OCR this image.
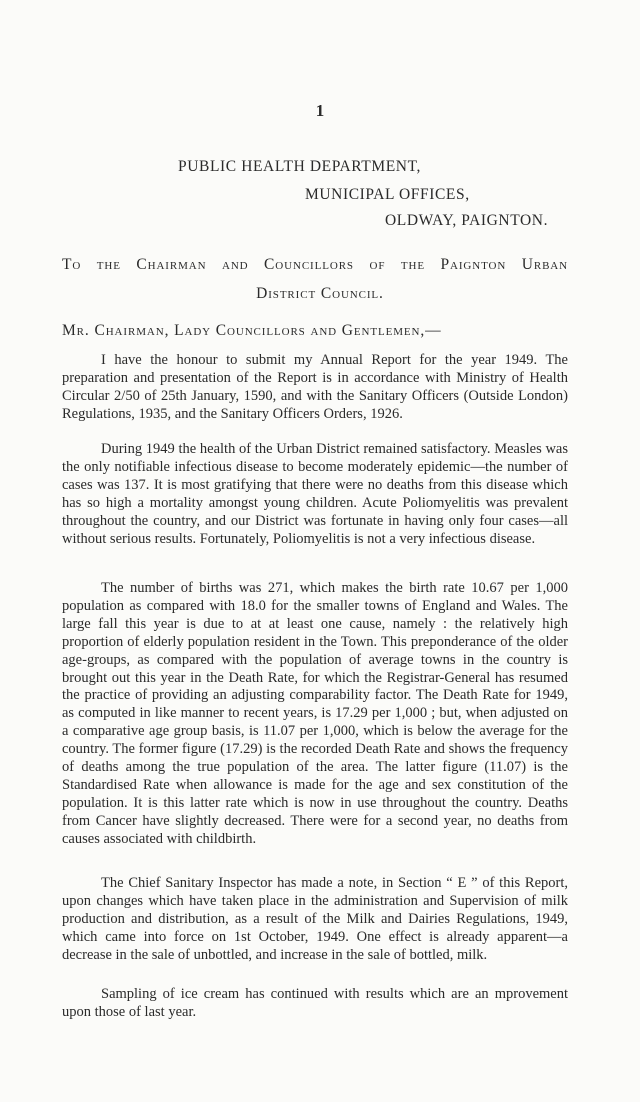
1
PUBLIC HEALTH DEPARTMENT,
MUNICIPAL OFFICES,
OLDWAY, PAIGNTON.
To the Chairman and Councillors of the Paignton Urban
District Council.
Mr. Chairman, Lady Councillors and Gentlemen,—

I have the honour to submit my Annual Report for the year 1949. The preparation and presentation of the Report is in accordance with Ministry of Health Circular 2/50 of 25th January, 1590, and with the Sanitary Officers (Outside London) Regulations, 1935, and the Sanitary Officers Orders, 1926.

During 1949 the health of the Urban District remained satisfactory. Measles was the only notifiable infectious disease to become moderately epidemic—the number of cases was 137. It is most gratifying that there were no deaths from this disease which has so high a mortality amongst young children. Acute Poliomyelitis was prevalent throughout the country, and our District was fortunate in having only four cases—all without serious results. Fortunately, Poliomyelitis is not a very infectious disease.

The number of births was 271, which makes the birth rate 10.67 per 1,000 population as compared with 18.0 for the smaller towns of England and Wales. The large fall this year is due to at at least one cause, namely : the relatively high proportion of elderly population resident in the Town. This preponderance of the older age-groups, as compared with the population of average towns in the country is brought out this year in the Death Rate, for which the Registrar-General has resumed the practice of providing an adjusting comparability factor. The Death Rate for 1949, as computed in like manner to recent years, is 17.29 per 1,000 ; but, when adjusted on a comparative age group basis, is 11.07 per 1,000, which is below the average for the country. The former figure (17.29) is the recorded Death Rate and shows the frequency of deaths among the true population of the area. The latter figure (11.07) is the Standardised Rate when allowance is made for the age and sex constitution of the population. It is this latter rate which is now in use throughout the country. Deaths from Cancer have slightly decreased. There were for a second year, no deaths from causes associated with childbirth.

The Chief Sanitary Inspector has made a note, in Section “ E ” of this Report, upon changes which have taken place in the administration and Supervision of milk production and distribution, as a result of the Milk and Dairies Regulations, 1949, which came into force on 1st October, 1949. One effect is already apparent—a decrease in the sale of unbottled, and increase in the sale of bottled, milk.

Sampling of ice cream has continued with results which are an mprovement upon those of last year.
